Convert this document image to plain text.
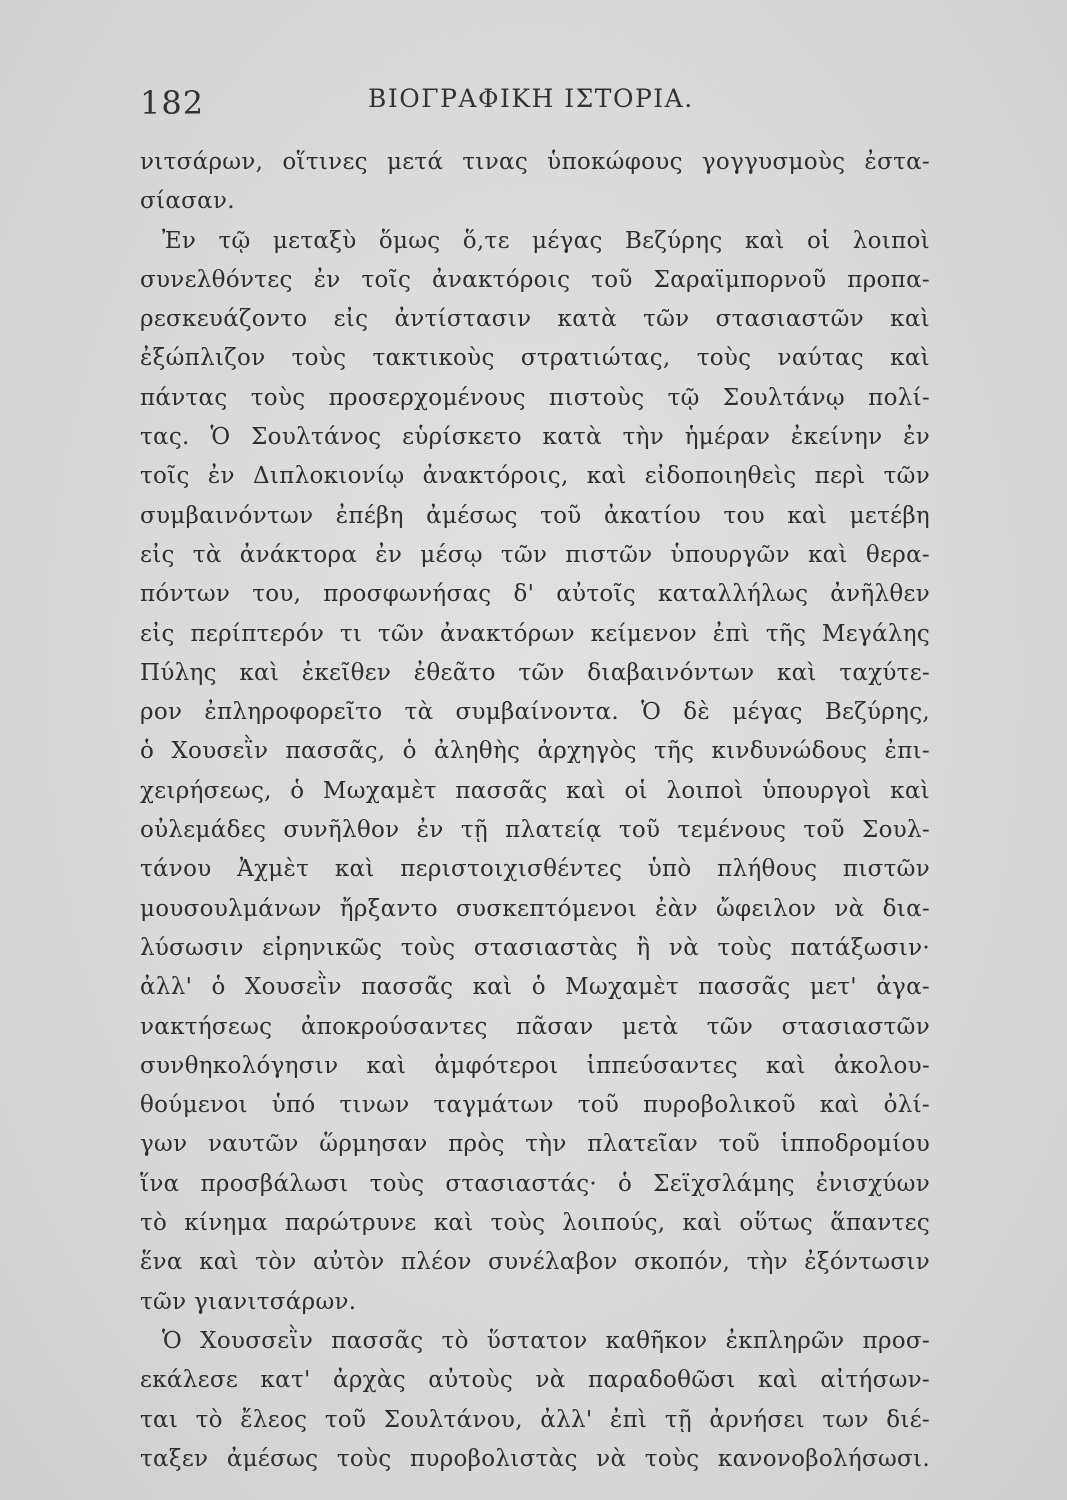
182	ΒΙΟΓΡΑΦΙΚΗ ΙΣΤΟΡΙΑ.
νιτσάρων, οἵτινες μετά τινας ὑποκώφους γογγυσμοὺς ἐστα-
σίασαν.
Ἐν τῷ μεταξὺ ὅμως ὅ,τε μέγας Βεζύρης καὶ οἱ λοιποὶ
συνελθόντες ἐν τοῖς ἀνακτόροις τοῦ Σαραϊμπορνοῦ προπα-
ρεσκευάζοντο εἰς ἀντίστασιν κατὰ τῶν στασιαστῶν καὶ
ἐξώπλιζον τοὺς τακτικοὺς στρατιώτας, τοὺς ναύτας καὶ
πάντας τοὺς προσερχομένους πιστοὺς τῷ Σουλτάνῳ πολί-
τας. Ὁ Σουλτάνος εὑρίσκετο κατὰ τὴν ἡμέραν ἐκείνην ἐν
τοῖς ἐν Διπλοκιονίῳ ἀνακτόροις, καὶ εἰδοποιηθεὶς περὶ τῶν
συμβαινόντων ἐπέβη ἀμέσως τοῦ ἀκατίου του καὶ μετέβη
εἰς τὰ ἀνάκτορα ἐν μέσῳ τῶν πιστῶν ὑπουργῶν καὶ θερα-
πόντων του, προσφωνήσας δ' αὐτοῖς καταλλήλως ἀνῆλθεν
εἰς περίπτερόν τι τῶν ἀνακτόρων κείμενον ἐπὶ τῆς Μεγάλης
Πύλης καὶ ἐκεῖθεν ἐθεᾶτο τῶν διαβαινόντων καὶ ταχύτε-
ρον ἐπληροφορεῖτο τὰ συμβαίνοντα. Ὁ δὲ μέγας Βεζύρης,
ὁ Χουσεῒν πασσᾶς, ὁ ἀληθὴς ἀρχηγὸς τῆς κινδυνώδους ἐπι-
χειρήσεως, ὁ Μωχαμὲτ πασσᾶς καὶ οἱ λοιποὶ ὑπουργοὶ καὶ
οὐλεμάδες συνῆλθον ἐν τῇ πλατείᾳ τοῦ τεμένους τοῦ Σουλ-
τάνου Ἀχμὲτ καὶ περιστοιχισθέντες ὑπὸ πλήθους πιστῶν
μουσουλμάνων ἤρξαντο συσκεπτόμενοι ἐὰν ὤφειλον νὰ δια-
λύσωσιν εἰρηνικῶς τοὺς στασιαστὰς ἢ νὰ τοὺς πατάξωσιν·
ἀλλ' ὁ Χουσεῒν πασσᾶς καὶ ὁ Μωχαμὲτ πασσᾶς μετ' ἀγα-
νακτήσεως ἀποκρούσαντες πᾶσαν μετὰ τῶν στασιαστῶν
συνθηκολόγησιν καὶ ἀμφότεροι ἱππεύσαντες καὶ ἀκολου-
θούμενοι ὑπό τινων ταγμάτων τοῦ πυροβολικοῦ καὶ ὀλί-
γων ναυτῶν ὥρμησαν πρὸς τὴν πλατεῖαν τοῦ ἱπποδρομίου
ἵνα προσβάλωσι τοὺς στασιαστάς· ὁ Σεϊχσλάμης ἐνισχύων
τὸ κίνημα παρώτρυνε καὶ τοὺς λοιπούς, καὶ οὕτως ἅπαντες
ἕνα καὶ τὸν αὐτὸν πλέον συνέλαβον σκοπόν, τὴν ἐξόντωσιν
τῶν γιανιτσάρων.
Ὁ Χουσσεῒν πασσᾶς τὸ ὕστατον καθῆκον ἐκπληρῶν προσ-
εκάλεσε κατ' ἀρχὰς αὐτοὺς νὰ παραδοθῶσι καὶ αἰτήσων-
ται τὸ ἔλεος τοῦ Σουλτάνου, ἀλλ' ἐπὶ τῇ ἀρνήσει των διέ-
ταξεν ἀμέσως τοὺς πυροβολιστὰς νὰ τοὺς κανονοβολήσωσι.
